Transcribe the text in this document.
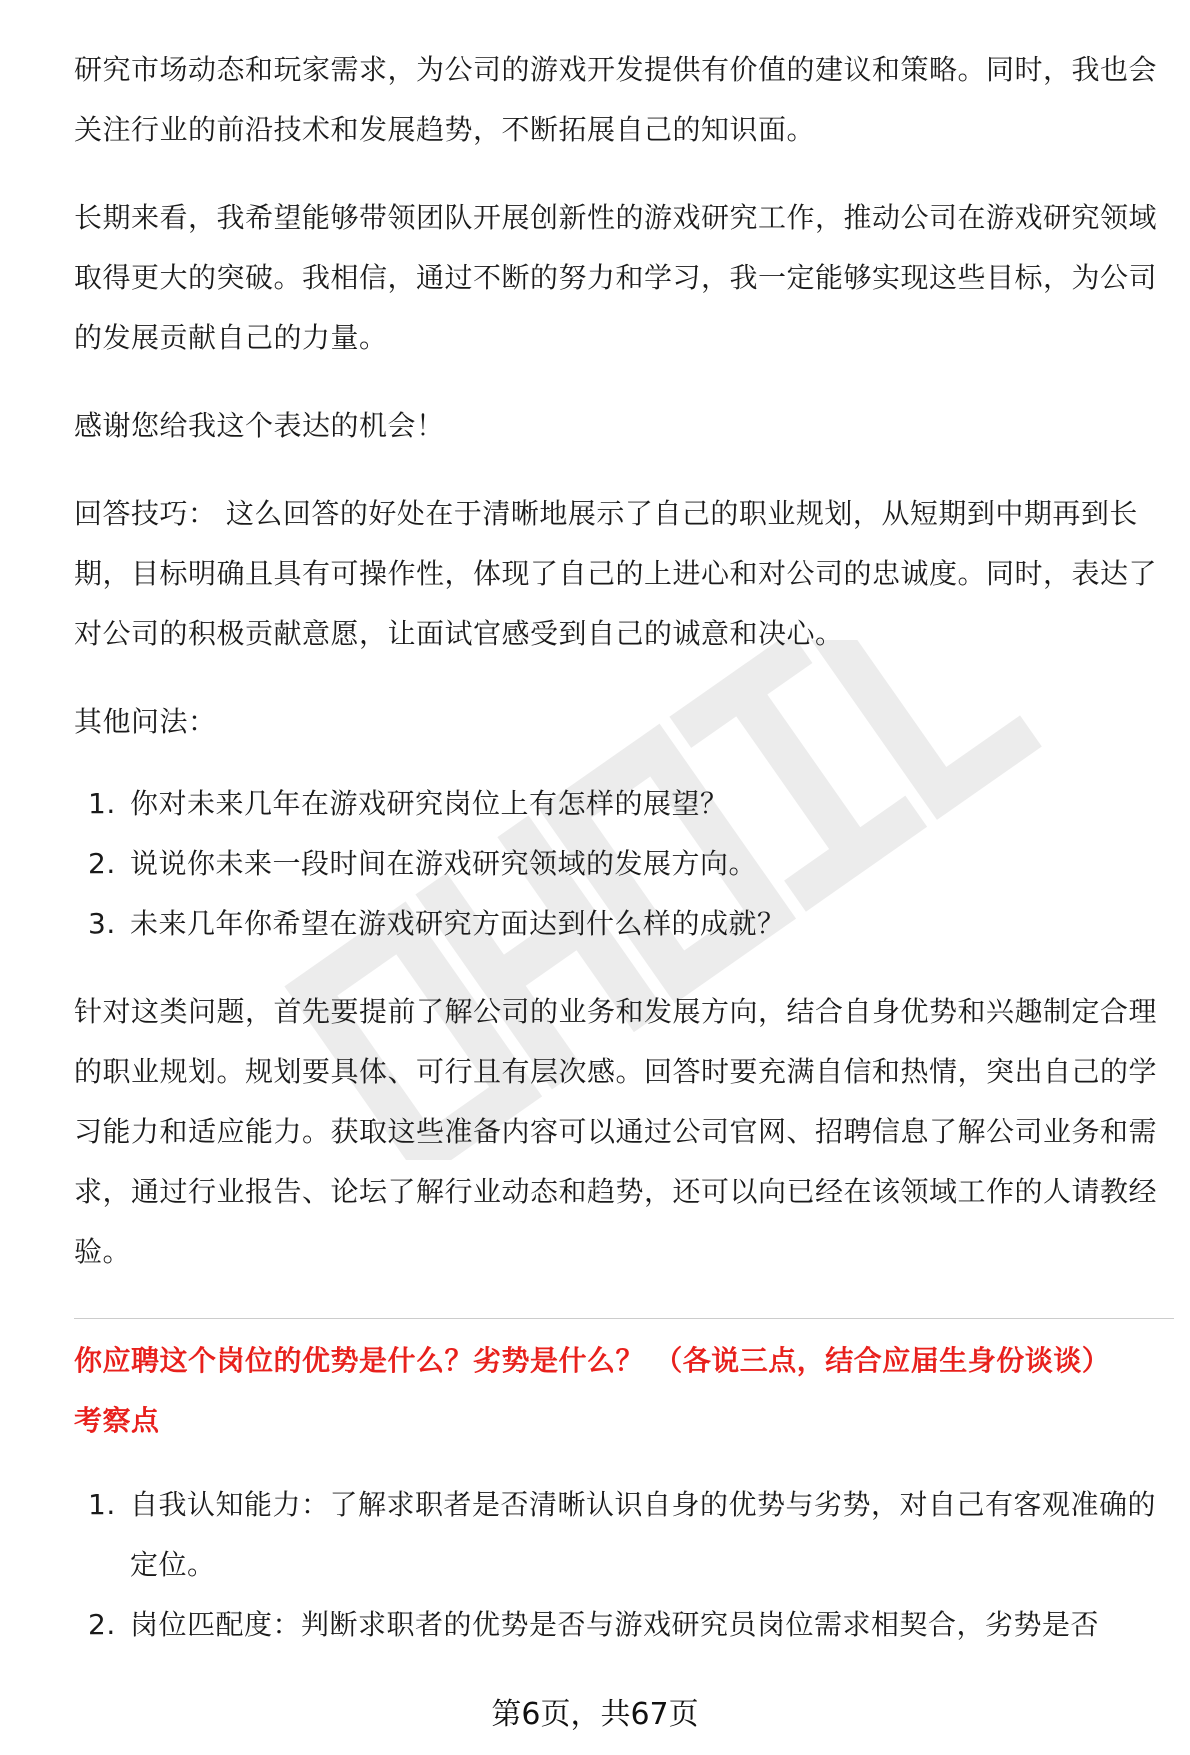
研究市场动态和玩家需求，为公司的游戏开发提供有价值的建议和策略。同时，我也会关注行业的前沿技术和发展趋势，不断拓展自己的知识面。

长期来看，我希望能够带领团队开展创新性的游戏研究工作，推动公司在游戏研究领域取得更大的突破。我相信，通过不断的努力和学习，我一定能够实现这些目标，为公司的发展贡献自己的力量。

感谢您给我这个表达的机会！

回答技巧： 这么回答的好处在于清晰地展示了自己的职业规划，从短期到中期再到长期，目标明确且具有可操作性，体现了自己的上进心和对公司的忠诚度。同时，表达了对公司的积极贡献意愿，让面试官感受到自己的诚意和决心。

其他问法：

1. 你对未来几年在游戏研究岗位上有怎样的展望？
2. 说说你未来一段时间在游戏研究领域的发展方向。
3. 未来几年你希望在游戏研究方面达到什么样的成就？

针对这类问题，首先要提前了解公司的业务和发展方向，结合自身优势和兴趣制定合理的职业规划。规划要具体、可行且有层次感。回答时要充满自信和热情，突出自己的学习能力和适应能力。获取这些准备内容可以通过公司官网、招聘信息了解公司业务和需求，通过行业报告、论坛了解行业动态和趋势，还可以向已经在该领域工作的人请教经验。

你应聘这个岗位的优势是什么？劣势是什么？ （各说三点，结合应届生身份谈谈）

考察点

1. 自我认知能力：了解求职者是否清晰认识自身的优势与劣势，对自己有客观准确的定位。
2. 岗位匹配度：判断求职者的优势是否与游戏研究员岗位需求相契合，劣势是否
第6页，共67页
